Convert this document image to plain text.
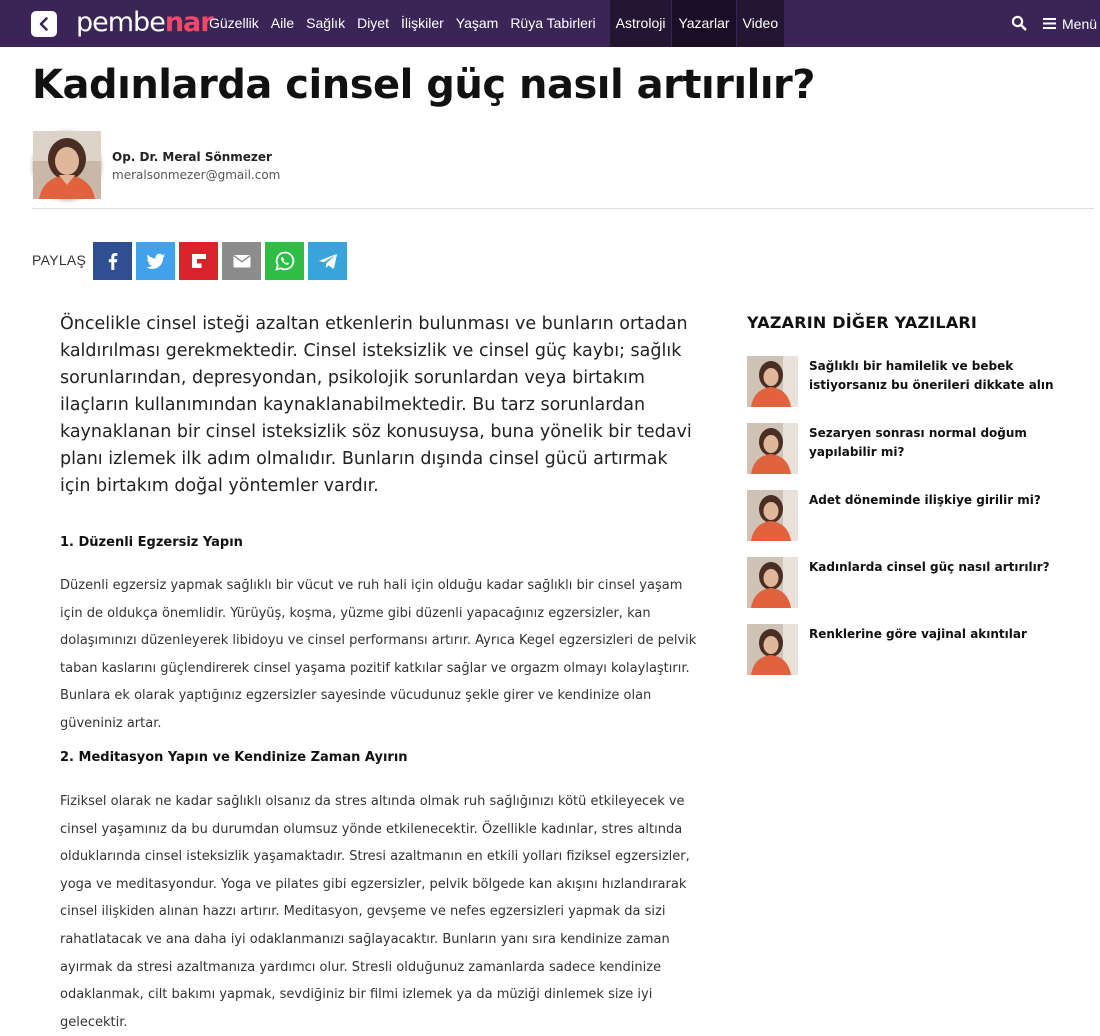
pembenar
Güzellik Aile Sağlık Diyet İlişkiler Yaşam Rüya Tabirleri	Astroloji Yazarlar Video	Menü
Kadınlarda cinsel güç nasıl artırılır?
Op. Dr. Meral Sönmezer
meralsonmezer@gmail.com
PAYLAŞ

Öncelikle cinsel isteği azaltan etkenlerin bulunması ve bunların ortadan kaldırılması gerekmektedir. Cinsel isteksizlik ve cinsel güç kaybı; sağlık sorunlarından, depresyondan, psikolojik sorunlardan veya birtakım ilaçların kullanımından kaynaklanabilmektedir. Bu tarz sorunlardan kaynaklanan bir cinsel isteksizlik söz konusuysa, buna yönelik bir tedavi planı izlemek ilk adım olmalıdır. Bunların dışında cinsel gücü artırmak için birtakım doğal yöntemler vardır.

1. Düzenli Egzersiz Yapın

Düzenli egzersiz yapmak sağlıklı bir vücut ve ruh hali için olduğu kadar sağlıklı bir cinsel yaşam için de oldukça önemlidir. Yürüyüş, koşma, yüzme gibi düzenli yapacağınız egzersizler, kan dolaşımınızı düzenleyerek libidoyu ve cinsel performansı artırır. Ayrıca Kegel egzersizleri de pelvik taban kaslarını güçlendirerek cinsel yaşama pozitif katkılar sağlar ve orgazm olmayı kolaylaştırır. Bunlara ek olarak yaptığınız egzersizler sayesinde vücudunuz şekle girer ve kendinize olan güveniniz artar.

2. Meditasyon Yapın ve Kendinize Zaman Ayırın

Fiziksel olarak ne kadar sağlıklı olsanız da stres altında olmak ruh sağlığınızı kötü etkileyecek ve cinsel yaşamınız da bu durumdan olumsuz yönde etkilenecektir. Özellikle kadınlar, stres altında olduklarında cinsel isteksizlik yaşamaktadır. Stresi azaltmanın en etkili yolları fiziksel egzersizler, yoga ve meditasyondur. Yoga ve pilates gibi egzersizler, pelvik bölgede kan akışını hızlandırarak cinsel ilişkiden alınan hazzı artırır. Meditasyon, gevşeme ve nefes egzersizleri yapmak da sizi rahatlatacak ve ana daha iyi odaklanmanızı sağlayacaktır. Bunların yanı sıra kendinize zaman ayırmak da stresi azaltmanıza yardımcı olur. Stresli olduğunuz zamanlarda sadece kendinize odaklanmak, cilt bakımı yapmak, sevdiğiniz bir filmi izlemek ya da müziği dinlemek size iyi gelecektir.

YAZARIN DİĞER YAZILARI
Sağlıklı bir hamilelik ve bebek istiyorsanız bu önerileri dikkate alın
Sezaryen sonrası normal doğum yapılabilir mi?
Adet döneminde ilişkiye girilir mi?
Kadınlarda cinsel güç nasıl artırılır?
Renklerine göre vajinal akıntılar
